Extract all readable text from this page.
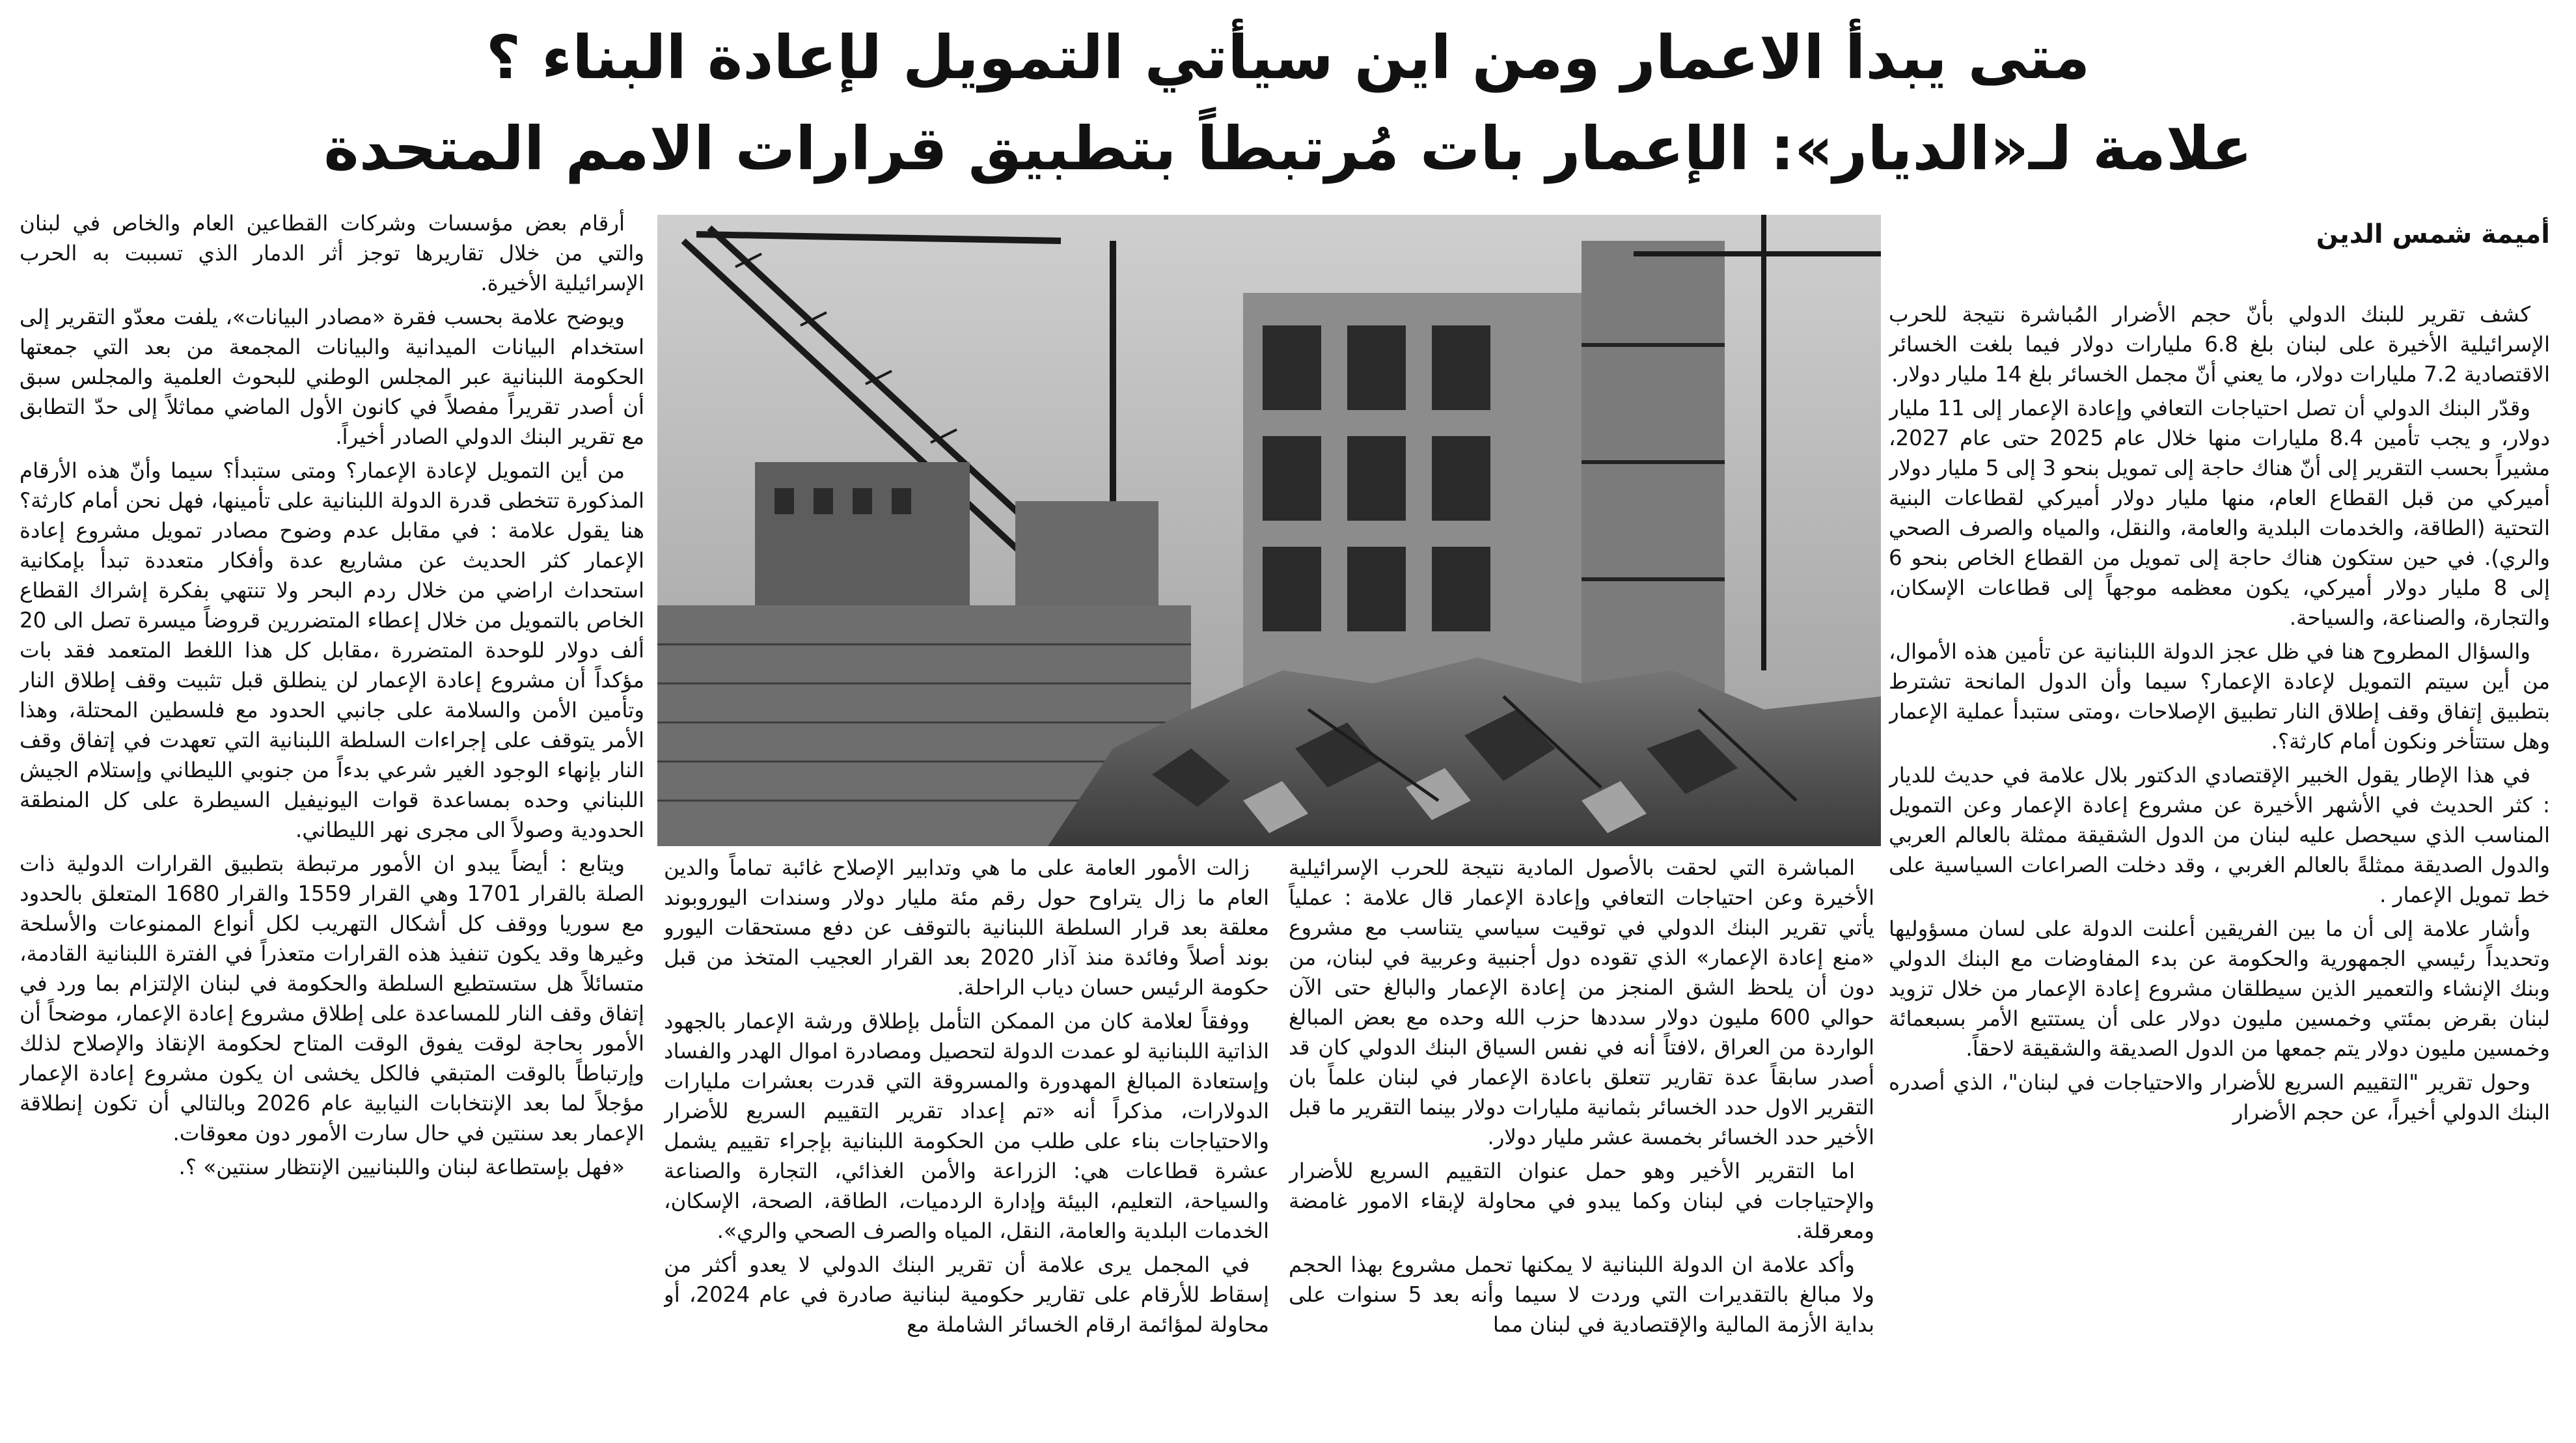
متى يبدأ الاعمار ومن اين سيأتي التمويل لإعادة البناء ؟
علامة لـ«الديار»: الإعمار بات مُرتبطاً بتطبيق قرارات الامم المتحدة
أميمة شمس الدين

كشف تقرير للبنك الدولي بأنّ حجم الأضرار المُباشرة نتيجة للحرب الإسرائيلية الأخيرة على لبنان بلغ 6.8 مليارات دولار فيما بلغت الخسائر الاقتصادية 7.2 مليارات دولار، ما يعني أنّ مجمل الخسائر بلغ 14 مليار دولار.

وقدّر البنك الدولي أن تصل احتياجات التعافي وإعادة الإعمار إلى 11 مليار دولار، و يجب تأمين 8.4 مليارات منها خلال عام 2025 حتى عام 2027، مشيراً بحسب التقرير إلى أنّ هناك حاجة إلى تمويل بنحو 3 إلى 5 مليار دولار أميركي من قبل القطاع العام، منها مليار دولار أميركي لقطاعات البنية التحتية (الطاقة، والخدمات البلدية والعامة، والنقل، والمياه والصرف الصحي والري). في حين ستكون هناك حاجة إلى تمويل من القطاع الخاص بنحو 6 إلى 8 مليار دولار أميركي، يكون معظمه موجهاً إلى قطاعات الإسكان، والتجارة، والصناعة، والسياحة.

والسؤال المطروح هنا في ظل عجز الدولة اللبنانية عن تأمين هذه الأموال، من أين سيتم التمويل لإعادة الإعمار؟ سيما وأن الدول المانحة تشترط بتطبيق إتفاق وقف إطلاق النار تطبيق الإصلاحات ،ومتى ستبدأ عملية الإعمار وهل ستتأخر ونكون أمام كارثة؟.

في هذا الإطار يقول الخبير الإقتصادي الدكتور بلال علامة في حديث للديار : كثر الحديث في الأشهر الأخيرة عن مشروع إعادة الإعمار وعن التمويل المناسب الذي سيحصل عليه لبنان من الدول الشقيقة ممثلة بالعالم العربي والدول الصديقة ممثلةً بالعالم الغربي ، وقد دخلت الصراعات السياسية على خط تمويل الإعمار .

وأشار علامة إلى أن ما بين الفريقين أعلنت الدولة على لسان مسؤوليها وتحديداً رئيسي الجمهورية والحكومة عن بدء المفاوضات مع البنك الدولي وبنك الإنشاء والتعمير الذين سيطلقان مشروع إعادة الإعمار من خلال تزويد لبنان بقرض بمئتي وخمسين مليون دولار على أن يستتبع الأمر بسبعمائة وخمسين مليون دولار يتم جمعها من الدول الصديقة والشقيقة لاحقاً.

وحول تقرير "التقييم السريع للأضرار والاحتياجات في لبنان"، الذي أصدره البنك الدولي أخيراً، عن حجم الأضرار

المباشرة التي لحقت بالأصول المادية نتيجة للحرب الإسرائيلية الأخيرة وعن احتياجات التعافي وإعادة الإعمار قال علامة : عملياً يأتي تقرير البنك الدولي في توقيت سياسي يتناسب مع مشروع «منع إعادة الإعمار» الذي تقوده دول أجنبية وعربية في لبنان، من دون أن يلحظ الشق المنجز من إعادة الإعمار والبالغ حتى الآن حوالي 600 مليون دولار سددها حزب الله وحده مع بعض المبالغ الواردة من العراق ،لافتاً أنه في نفس السياق البنك الدولي كان قد أصدر سابقاً عدة تقارير تتعلق باعادة الإعمار في لبنان علماً بان التقرير الاول حدد الخسائر بثمانية مليارات دولار بينما التقرير ما قبل الأخير حدد الخسائر بخمسة عشر مليار دولار.

اما التقرير الأخير وهو حمل عنوان التقييم السريع للأضرار والإحتياجات في لبنان وكما يبدو في محاولة لإبقاء الامور غامضة ومعرقلة.

وأكد علامة ان الدولة اللبنانية لا يمكنها تحمل مشروع بهذا الحجم ولا مبالغ بالتقديرات التي وردت لا سيما وأنه بعد 5 سنوات على بداية الأزمة المالية والإقتصادية في لبنان مما

زالت الأمور العامة على ما هي وتدابير الإصلاح غائبة تماماً والدين العام ما زال يتراوح حول رقم مئة مليار دولار وسندات اليوروبوند معلقة بعد قرار السلطة اللبنانية بالتوقف عن دفع مستحقات اليورو بوند أصلاً وفائدة منذ آذار 2020 بعد القرار العجيب المتخذ من قبل حكومة الرئيس حسان دياب الراحلة.

ووفقاً لعلامة كان من الممكن التأمل بإطلاق ورشة الإعمار بالجهود الذاتية اللبنانية لو عمدت الدولة لتحصيل ومصادرة اموال الهدر والفساد وإستعادة المبالغ المهدورة والمسروقة التي قدرت بعشرات مليارات الدولارات، مذكراً أنه «تم إعداد تقرير التقييم السريع للأضرار والاحتياجات بناء على طلب من الحكومة اللبنانية بإجراء تقييم يشمل عشرة قطاعات هي: الزراعة والأمن الغذائي، التجارة والصناعة والسياحة، التعليم، البيئة وإدارة الردميات، الطاقة، الصحة، الإسكان، الخدمات البلدية والعامة، النقل، المياه والصرف الصحي والري».

في المجمل يرى علامة أن تقرير البنك الدولي لا يعدو أكثر من إسقاط للأرقام على تقارير حكومية لبنانية صادرة في عام 2024، أو محاولة لمؤائمة ارقام الخسائر الشاملة مع

أرقام بعض مؤسسات وشركات القطاعين العام والخاص في لبنان والتي من خلال تقاريرها توجز أثر الدمار الذي تسببت به الحرب الإسرائيلية الأخيرة.

ويوضح علامة بحسب فقرة «مصادر البيانات»، يلفت معدّو التقرير إلى استخدام البيانات الميدانية والبيانات المجمعة من بعد التي جمعتها الحكومة اللبنانية عبر المجلس الوطني للبحوث العلمية والمجلس سبق أن أصدر تقريراً مفصلاً في كانون الأول الماضي مماثلاً إلى حدّ التطابق مع تقرير البنك الدولي الصادر أخيراً.

من أين التمويل لإعادة الإعمار؟ ومتى ستبدأ؟ سيما وأنّ هذه الأرقام المذكورة تتخطى قدرة الدولة اللبنانية على تأمينها، فهل نحن أمام كارثة؟ هنا يقول علامة : في مقابل عدم وضوح مصادر تمويل مشروع إعادة الإعمار كثر الحديث عن مشاريع عدة وأفكار متعددة تبدأ بإمكانية استحداث اراضي من خلال ردم البحر ولا تنتهي بفكرة إشراك القطاع الخاص بالتمويل من خلال إعطاء المتضررين قروضاً ميسرة تصل الى 20 ألف دولار للوحدة المتضررة ،مقابل كل هذا اللغط المتعمد فقد بات مؤكداً أن مشروع إعادة الإعمار لن ينطلق قبل تثبيت وقف إطلاق النار وتأمين الأمن والسلامة على جانبي الحدود مع فلسطين المحتلة، وهذا الأمر يتوقف على إجراءات السلطة اللبنانية التي تعهدت في إتفاق وقف النار بإنهاء الوجود الغير شرعي بدءاً من جنوبي الليطاني وإستلام الجيش اللبناني وحده بمساعدة قوات اليونيفيل السيطرة على كل المنطقة الحدودية وصولاً الى مجرى نهر الليطاني.

ويتابع : أيضاً يبدو ان الأمور مرتبطة بتطبيق القرارات الدولية ذات الصلة بالقرار 1701 وهي القرار 1559 والقرار 1680 المتعلق بالحدود مع سوريا ووقف كل أشكال التهريب لكل أنواع الممنوعات والأسلحة وغيرها وقد يكون تنفيذ هذه القرارات متعذراً في الفترة اللبنانية القادمة، متسائلاً هل ستستطيع السلطة والحكومة في لبنان الإلتزام بما ورد في إتفاق وقف النار للمساعدة على إطلاق مشروع إعادة الإعمار، موضحاً أن الأمور بحاجة لوقت يفوق الوقت المتاح لحكومة الإنقاذ والإصلاح لذلك وإرتباطاً بالوقت المتبقي فالكل يخشى ان يكون مشروع إعادة الإعمار مؤجلاً لما بعد الإنتخابات النيابية عام 2026 وبالتالي أن تكون إنطلاقة الإعمار بعد سنتين في حال سارت الأمور دون معوقات.

«فهل بإستطاعة لبنان واللبنانيين الإنتظار سنتين» ؟.
